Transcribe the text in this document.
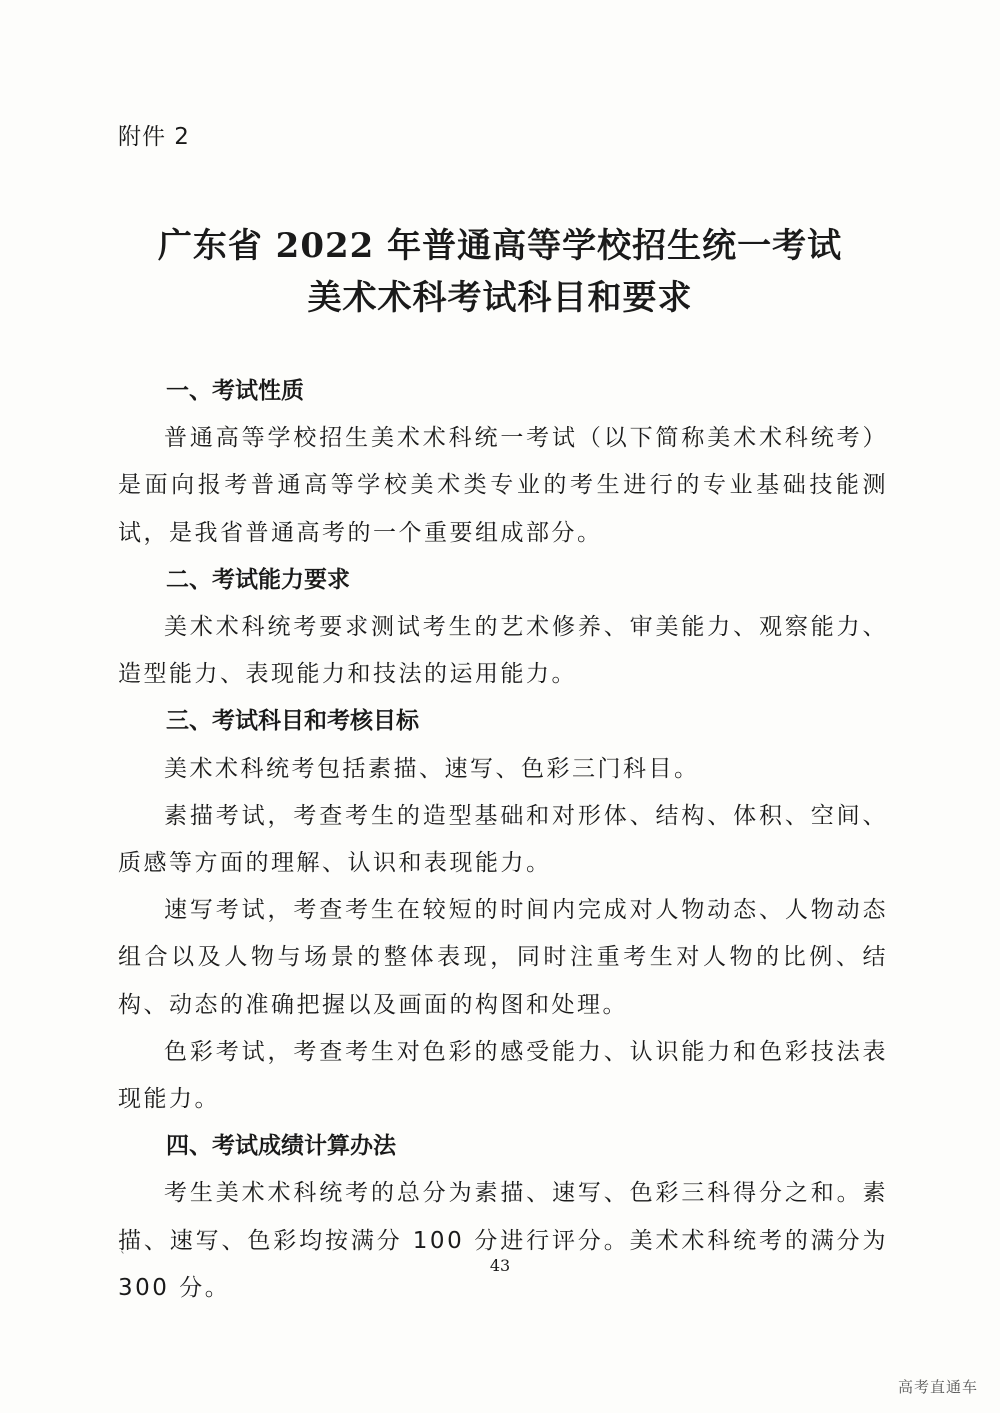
附件 2
广东省 2022 年普通高等学校招生统一考试
美术术科考试科目和要求

一、考试性质

普通高等学校招生美术术科统一考试（以下简称美术术科统考）是面向报考普通高等学校美术类专业的考生进行的专业基础技能测试，是我省普通高考的一个重要组成部分。

二、考试能力要求

美术术科统考要求测试考生的艺术修养、审美能力、观察能力、造型能力、表现能力和技法的运用能力。

三、考试科目和考核目标

美术术科统考包括素描、速写、色彩三门科目。

素描考试，考查考生的造型基础和对形体、结构、体积、空间、质感等方面的理解、认识和表现能力。

速写考试，考查考生在较短的时间内完成对人物动态、人物动态组合以及人物与场景的整体表现，同时注重考生对人物的比例、结构、动态的准确把握以及画面的构图和处理。

色彩考试，考查考生对色彩的感受能力、认识能力和色彩技法表现能力。

四、考试成绩计算办法

考生美术术科统考的总分为素描、速写、色彩三科得分之和。素描、速写、色彩均按满分 100 分进行评分。美术术科统考的满分为 300 分。

`	43
高考直通车
